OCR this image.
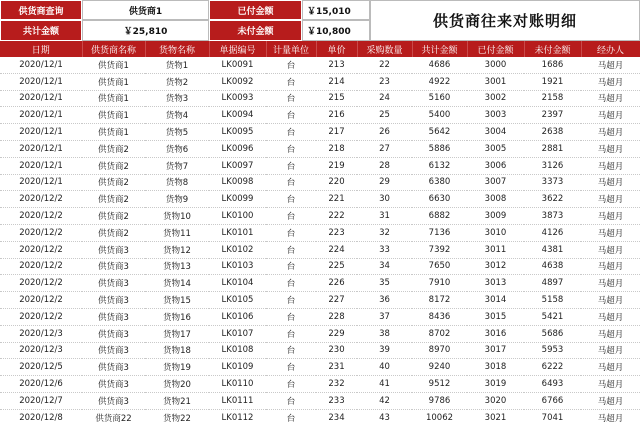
供货商查询	供货商1	已付金额	￥15,010
共计金额	￥25,810	未付金额	￥10,800
供货商往来对账明细
日期	供货商名称	货物名称	单据编号	计量单位	单价	采购数量	共计金额	已付金额	未付金额	经办人
2020/12/1	供货商1	货物1	LK0091	台	213	22	4686	3000	1686	马超月
2020/12/1	供货商1	货物2	LK0092	台	214	23	4922	3001	1921	马超月
2020/12/1	供货商1	货物3	LK0093	台	215	24	5160	3002	2158	马超月
2020/12/1	供货商1	货物4	LK0094	台	216	25	5400	3003	2397	马超月
2020/12/1	供货商1	货物5	LK0095	台	217	26	5642	3004	2638	马超月
2020/12/1	供货商2	货物6	LK0096	台	218	27	5886	3005	2881	马超月
2020/12/1	供货商2	货物7	LK0097	台	219	28	6132	3006	3126	马超月
2020/12/1	供货商2	货物8	LK0098	台	220	29	6380	3007	3373	马超月
2020/12/2	供货商2	货物9	LK0099	台	221	30	6630	3008	3622	马超月
2020/12/2	供货商2	货物10	LK0100	台	222	31	6882	3009	3873	马超月
2020/12/2	供货商2	货物11	LK0101	台	223	32	7136	3010	4126	马超月
2020/12/2	供货商3	货物12	LK0102	台	224	33	7392	3011	4381	马超月
2020/12/2	供货商3	货物13	LK0103	台	225	34	7650	3012	4638	马超月
2020/12/2	供货商3	货物14	LK0104	台	226	35	7910	3013	4897	马超月
2020/12/2	供货商3	货物15	LK0105	台	227	36	8172	3014	5158	马超月
2020/12/2	供货商3	货物16	LK0106	台	228	37	8436	3015	5421	马超月
2020/12/3	供货商3	货物17	LK0107	台	229	38	8702	3016	5686	马超月
2020/12/3	供货商3	货物18	LK0108	台	230	39	8970	3017	5953	马超月
2020/12/5	供货商3	货物19	LK0109	台	231	40	9240	3018	6222	马超月
2020/12/6	供货商3	货物20	LK0110	台	232	41	9512	3019	6493	马超月
2020/12/7	供货商3	货物21	LK0111	台	233	42	9786	3020	6766	马超月
2020/12/8	供货商22	货物22	LK0112	台	234	43	10062	3021	7041	马超月
